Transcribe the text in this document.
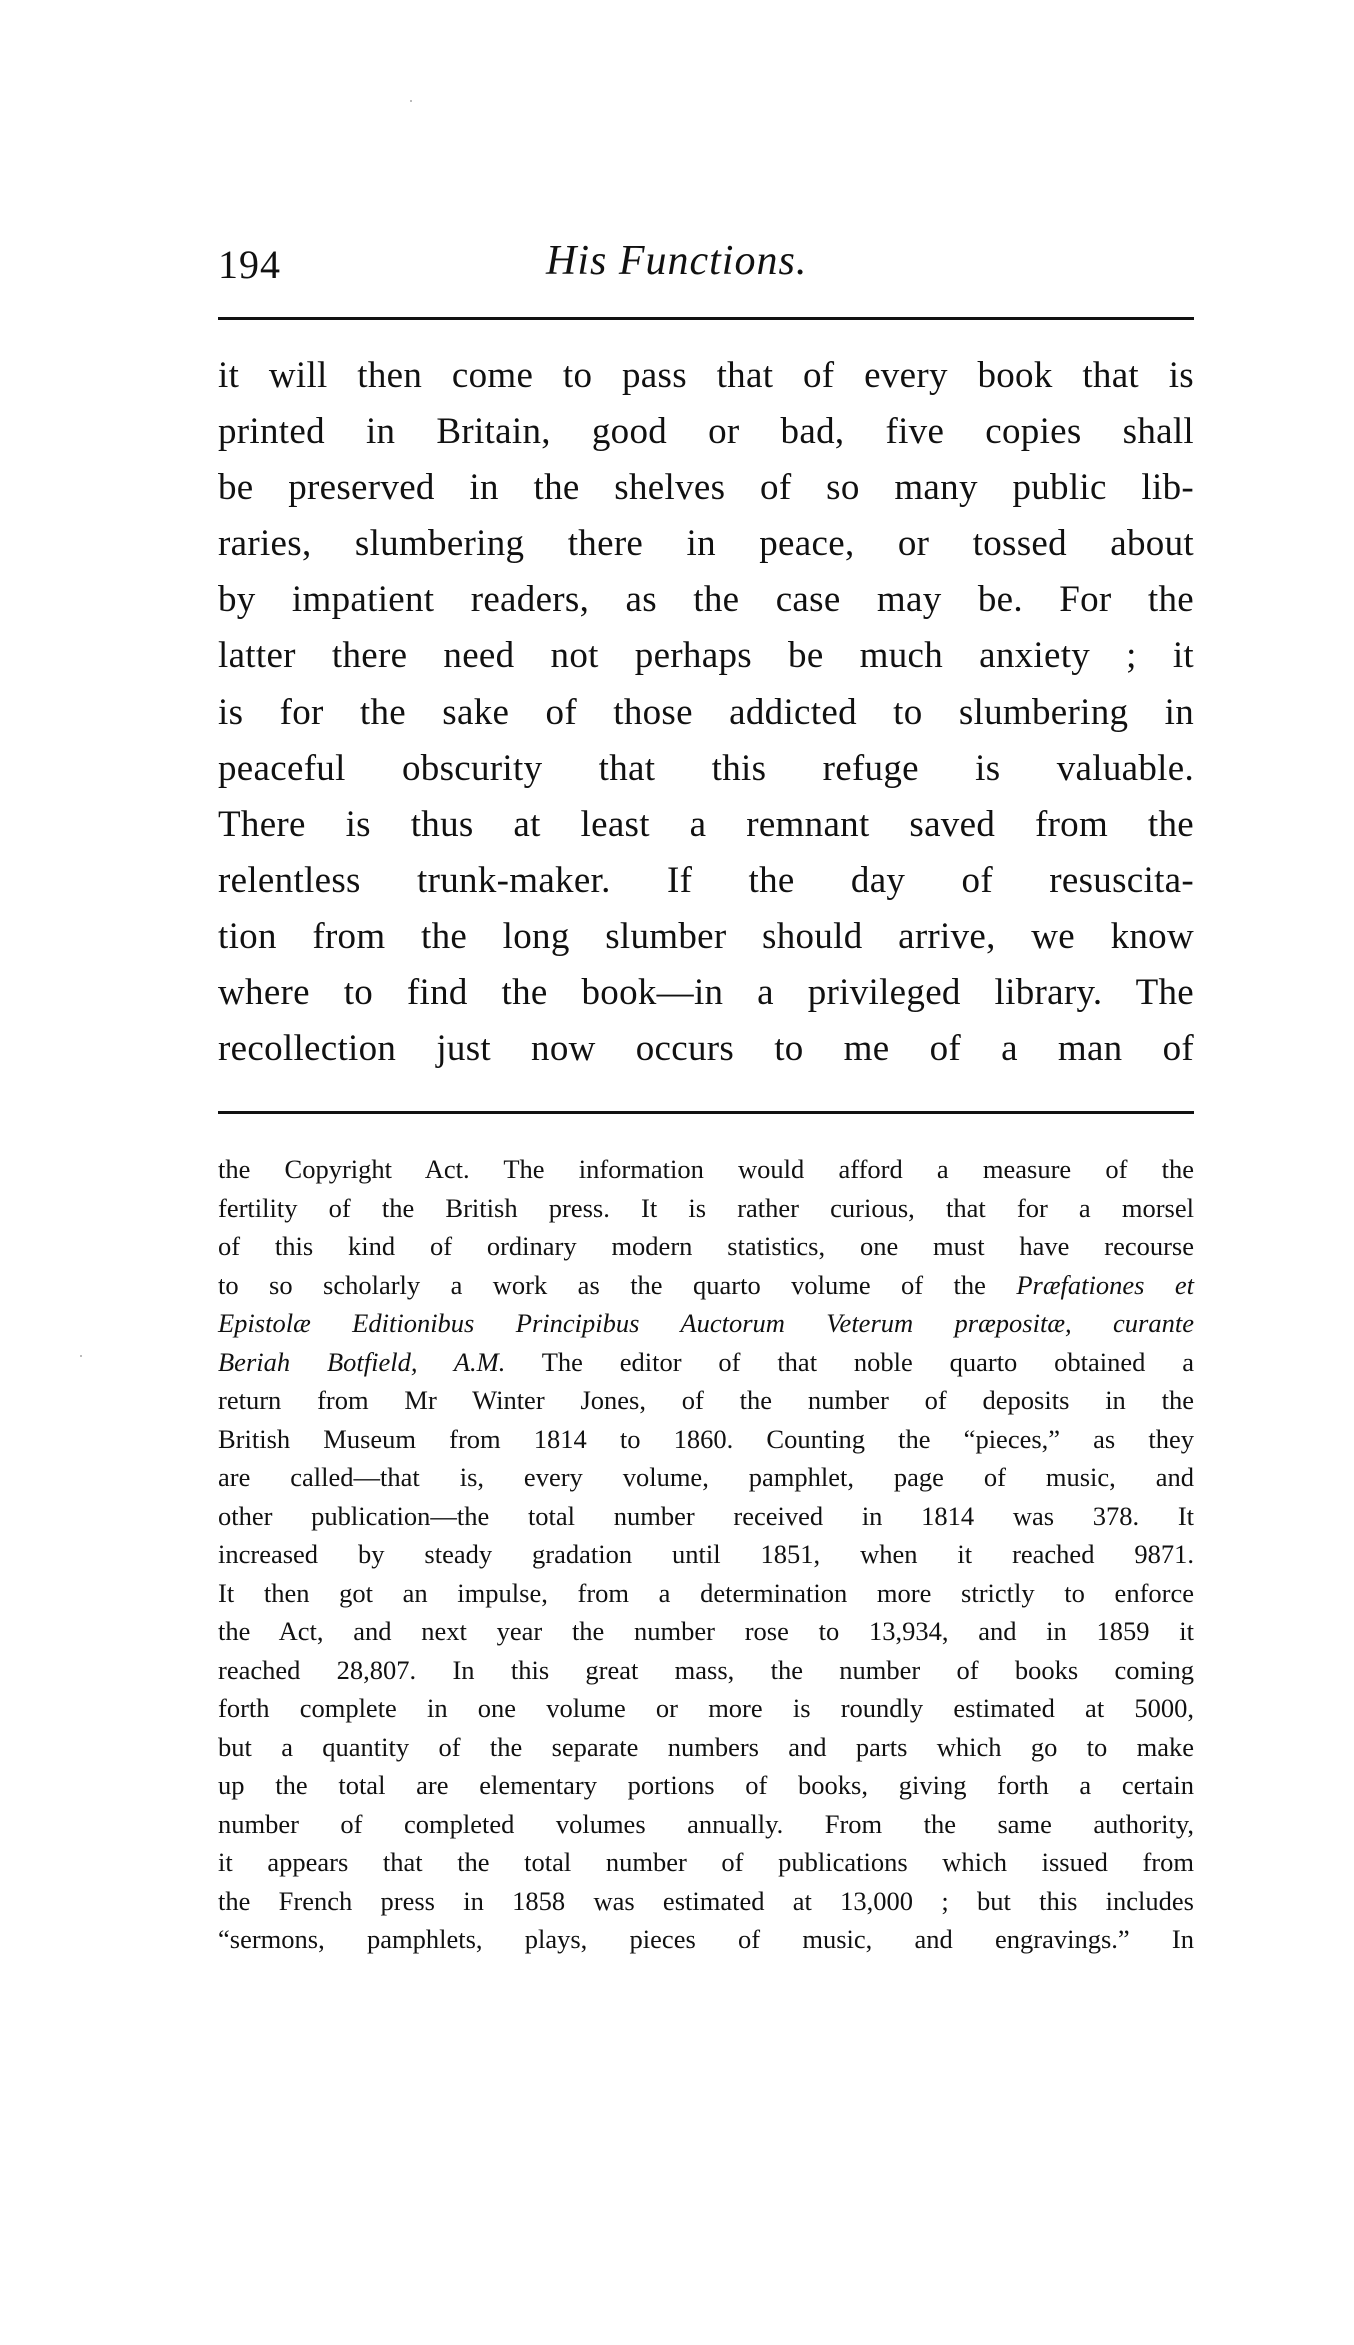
194	His Functions.
it will then come to pass that of every book that is
printed in Britain, good or bad, five copies shall
be preserved in the shelves of so many public lib-
raries, slumbering there in peace, or tossed about
by impatient readers, as the case may be. For the
latter there need not perhaps be much anxiety ; it
is for the sake of those addicted to slumbering in
peaceful obscurity that this refuge is valuable.
There is thus at least a remnant saved from the
relentless trunk-maker. If the day of resuscita-
tion from the long slumber should arrive, we know
where to find the book—in a privileged library. The
recollection just now occurs to me of a man of
the Copyright Act. The information would afford a measure of the
fertility of the British press. It is rather curious, that for a morsel
of this kind of ordinary modern statistics, one must have recourse
to so scholarly a work as the quarto volume of the Præfationes et
Epistolæ Editionibus Principibus Auctorum Veterum præpositæ, curante
Beriah Botfield, A.M. The editor of that noble quarto obtained a
return from Mr Winter Jones, of the number of deposits in the
British Museum from 1814 to 1860. Counting the “pieces,” as they
are called—that is, every volume, pamphlet, page of music, and
other publication—the total number received in 1814 was 378. It
increased by steady gradation until 1851, when it reached 9871.
It then got an impulse, from a determination more strictly to enforce
the Act, and next year the number rose to 13,934, and in 1859 it
reached 28,807. In this great mass, the number of books coming
forth complete in one volume or more is roundly estimated at 5000,
but a quantity of the separate numbers and parts which go to make
up the total are elementary portions of books, giving forth a certain
number of completed volumes annually. From the same authority,
it appears that the total number of publications which issued from
the French press in 1858 was estimated at 13,000 ; but this includes
“sermons, pamphlets, plays, pieces of music, and engravings.” In
